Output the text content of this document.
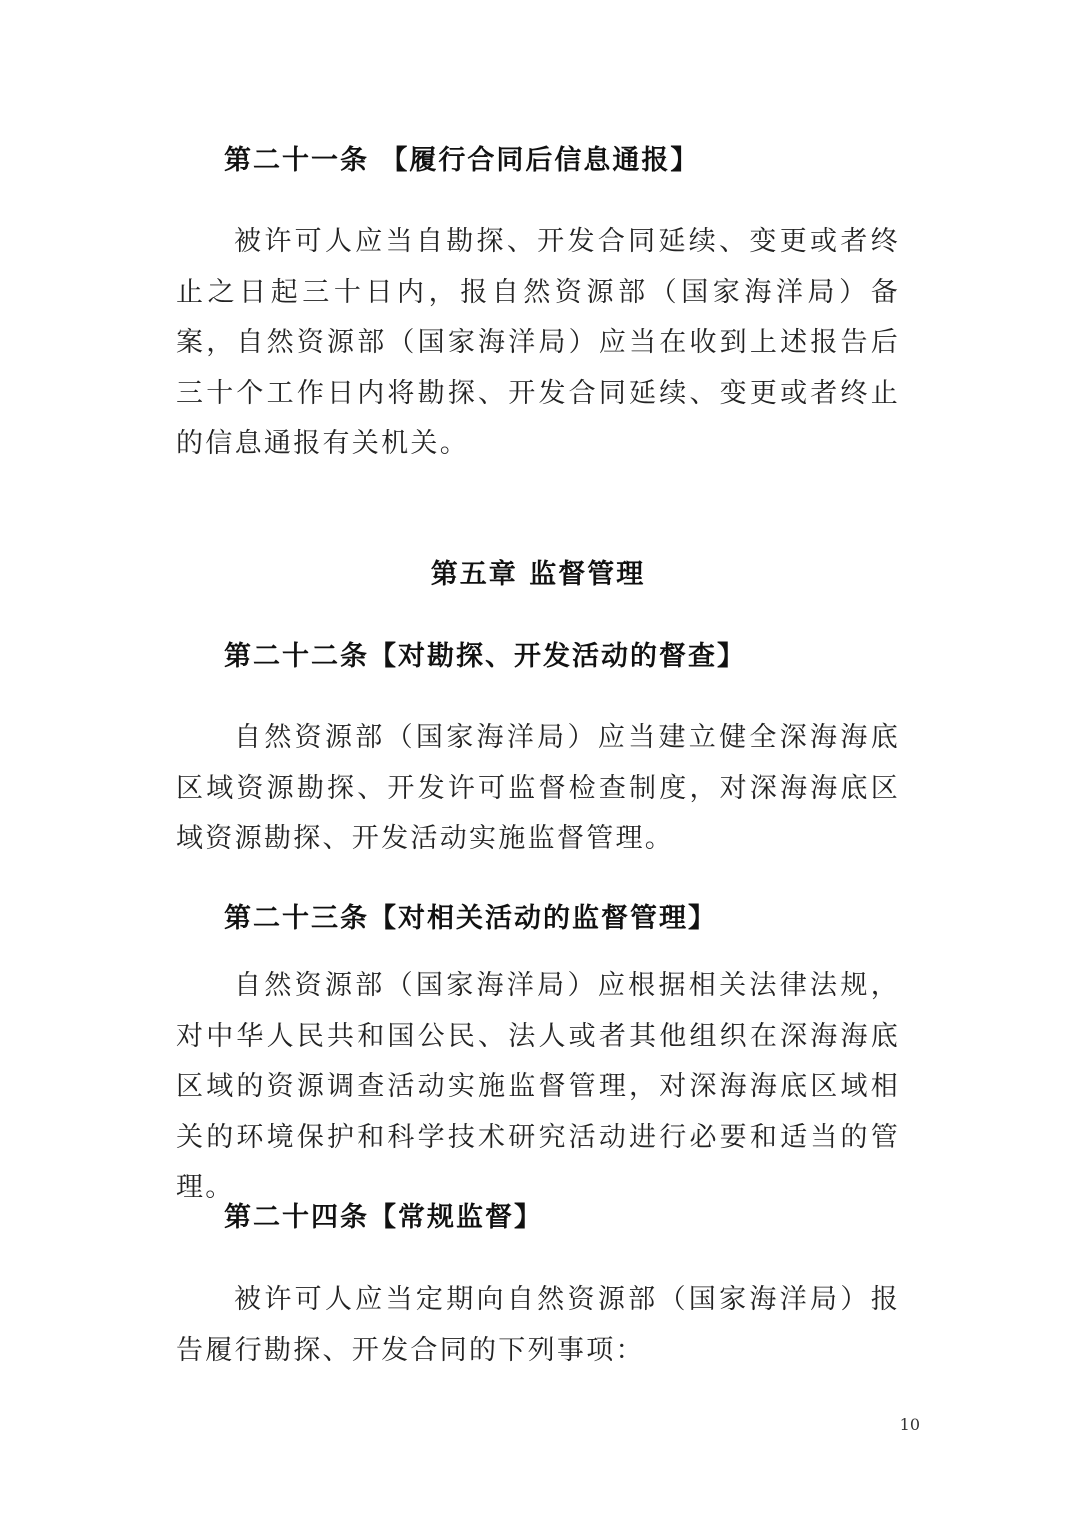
第二十一条 【履行合同后信息通报】

被许可人应当自勘探、开发合同延续、变更或者终止之日起三十日内，报自然资源部（国家海洋局）备案，自然资源部（国家海洋局）应当在收到上述报告后三十个工作日内将勘探、开发合同延续、变更或者终止的信息通报有关机关。

第五章 监督管理
第二十二条【对勘探、开发活动的督查】

自然资源部（国家海洋局）应当建立健全深海海底区域资源勘探、开发许可监督检查制度，对深海海底区域资源勘探、开发活动实施监督管理。

第二十三条【对相关活动的监督管理】

自然资源部（国家海洋局）应根据相关法律法规，对中华人民共和国公民、法人或者其他组织在深海海底区域的资源调查活动实施监督管理，对深海海底区域相关的环境保护和科学技术研究活动进行必要和适当的管理。

第二十四条【常规监督】

被许可人应当定期向自然资源部（国家海洋局）报告履行勘探、开发合同的下列事项：

10
